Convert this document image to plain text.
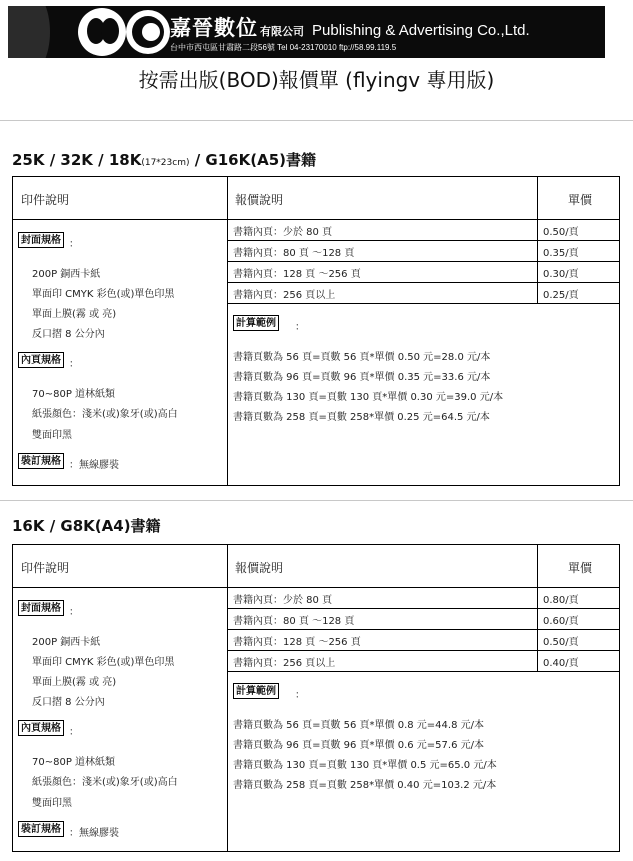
嘉晉數位 有限公司 Publishing & Advertising Co.,Ltd.
台中市西屯區甘肅路二段56號 Tel 04-23170010 ftp://58.99.119.5
按需出版(BOD)報價單 (flyingv 專用版)
25K / 32K / 18K(17*23cm) / G16K(A5)書籍
印件說明	報價說明	單價
書籍內頁：少於 80 頁	0.50/頁
書籍內頁：80 頁 ～128 頁	0.35/頁
書籍內頁：128 頁 ～256 頁	0.30/頁
書籍內頁：256 頁以上	0.25/頁
計算範例	：
書籍頁數為 56 頁=頁數 56 頁*單價 0.50 元=28.0 元/本
書籍頁數為 96 頁=頁數 96 頁*單價 0.35 元=33.6 元/本
書籍頁數為 130 頁=頁數 130 頁*單價 0.30 元=39.0 元/本
書籍頁數為 258 頁=頁數 258*單價 0.25 元=64.5 元/本
封面規格 ：
200P 銅西卡紙
單面印 CMYK 彩色(或)單色印黑
單面上膜(霧 或 亮)
反口摺 8 公分內
內頁規格 ：
70~80P 道林紙類
紙張顏色：淺米(或)象牙(或)高白
雙面印黑
裝訂規格 ：無線膠裝
16K / G8K(A4)書籍
印件說明	報價說明	單價
書籍內頁：少於 80 頁	0.80/頁
書籍內頁：80 頁 ～128 頁	0.60/頁
書籍內頁：128 頁 ～256 頁	0.50/頁
書籍內頁：256 頁以上	0.40/頁
計算範例	：
書籍頁數為 56 頁=頁數 56 頁*單價 0.8 元=44.8 元/本
書籍頁數為 96 頁=頁數 96 頁*單價 0.6 元=57.6 元/本
書籍頁數為 130 頁=頁數 130 頁*單價 0.5 元=65.0 元/本
書籍頁數為 258 頁=頁數 258*單價 0.40 元=103.2 元/本
封面規格 ：
200P 銅西卡紙
單面印 CMYK 彩色(或)單色印黑
單面上膜(霧 或 亮)
反口摺 8 公分內
內頁規格 ：
70~80P 道林紙類
紙張顏色：淺米(或)象牙(或)高白
雙面印黑
裝訂規格 ：無線膠裝
